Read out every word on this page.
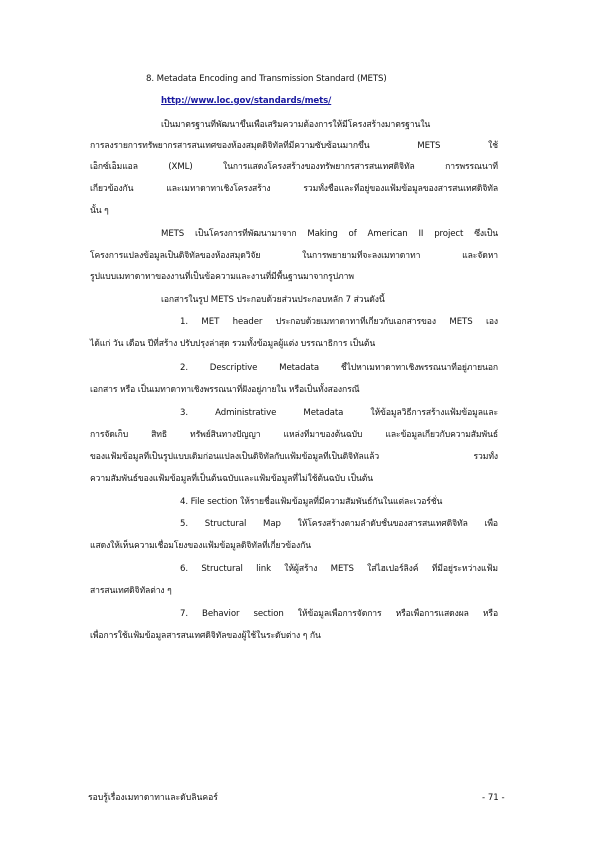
8. Metadata Encoding and Transmission Standard (METS)
http://www.loc.gov/standards/mets/
เป็นมาตรฐานที่พัฒนาขึ้นเพื่อเสริมความต้องการให้มีโครงสร้างมาตรฐานใน
การลงรายการทรัพยากรสารสนเทศของห้องสมุดดิจิทัลที่มีความซับซ้อนมากขึ้น METS ใช้
เอ็กซ์เอ็มแอล (XML) ในการแสดงโครงสร้างของทรัพยากรสารสนเทศดิจิทัล การพรรณนาที่
เกี่ยวข้องกัน และเมทาดาทาเชิงโครงสร้าง รวมทั้งชื่อและที่อยู่ของแฟ้มข้อมูลของสารสนเทศดิจิทัล
นั้น ๆ
METS เป็นโครงการที่พัฒนามาจาก Making of American II project ซึ่งเป็น
โครงการแปลงข้อมูลเป็นดิจิทัลของห้องสมุดวิจัย ในการพยายามที่จะลงเมทาดาทา และจัดหา
รูปแบบเมทาดาทาของงานที่เป็นข้อความและงานที่มีพื้นฐานมาจากรูปภาพ
เอกสารในรูป METS ประกอบด้วยส่วนประกอบหลัก 7 ส่วนดังนี้
1. MET header ประกอบด้วยเมทาดาทาที่เกี่ยวกับเอกสารของ METS เอง
ได้แก่ วัน เดือน ปีที่สร้าง ปรับปรุงล่าสุด รวมทั้งข้อมูลผู้แต่ง บรรณาธิการ เป็นต้น
2. Descriptive Metadata ชี้ไปหาเมทาดาทาเชิงพรรณนาที่อยู่ภายนอก
เอกสาร หรือ เป็นเมทาดาทาเชิงพรรณนาที่ฝังอยู่ภายใน หรือเป็นทั้งสองกรณี
3. Administrative Metadata ให้ข้อมูลวิธีการสร้างแฟ้มข้อมูลและ
การจัดเก็บ สิทธิ ทรัพย์สินทางปัญญา แหล่งที่มาของต้นฉบับ และข้อมูลเกี่ยวกับความสัมพันธ์
ของแฟ้มข้อมูลที่เป็นรูปแบบเดิมก่อนแปลงเป็นดิจิทัลกับแฟ้มข้อมูลที่เป็นดิจิทัลแล้ว รวมทั้ง
ความสัมพันธ์ของแฟ้มข้อมูลที่เป็นต้นฉบับและแฟ้มข้อมูลที่ไม่ใช้ต้นฉบับ เป็นต้น
4. File section ให้รายชื่อแฟ้มข้อมูลที่มีความสัมพันธ์กันในแต่ละเวอร์ชั่น
5. Structural Map ให้โครงสร้างตามลำดับชั้นของสารสนเทศดิจิทัล เพื่อ
แสดงให้เห็นความเชื่อมโยงของแฟ้มข้อมูลดิจิทัลที่เกี่ยวข้องกัน
6. Structural link ให้ผู้สร้าง METS ใส่ไฮเปอร์ลิงค์ ที่มีอยู่ระหว่างแฟ้ม
สารสนเทศดิจิทัลต่าง ๆ
7. Behavior section ให้ข้อมูลเพื่อการจัดการ หรือเพื่อการแสดงผล หรือ
เพื่อการใช้แฟ้มข้อมูลสารสนเทศดิจิทัลของผู้ใช้ในระดับต่าง ๆ กัน
รอบรู้เรื่องเมทาดาทาและดับลินคอร์	- 71 -
